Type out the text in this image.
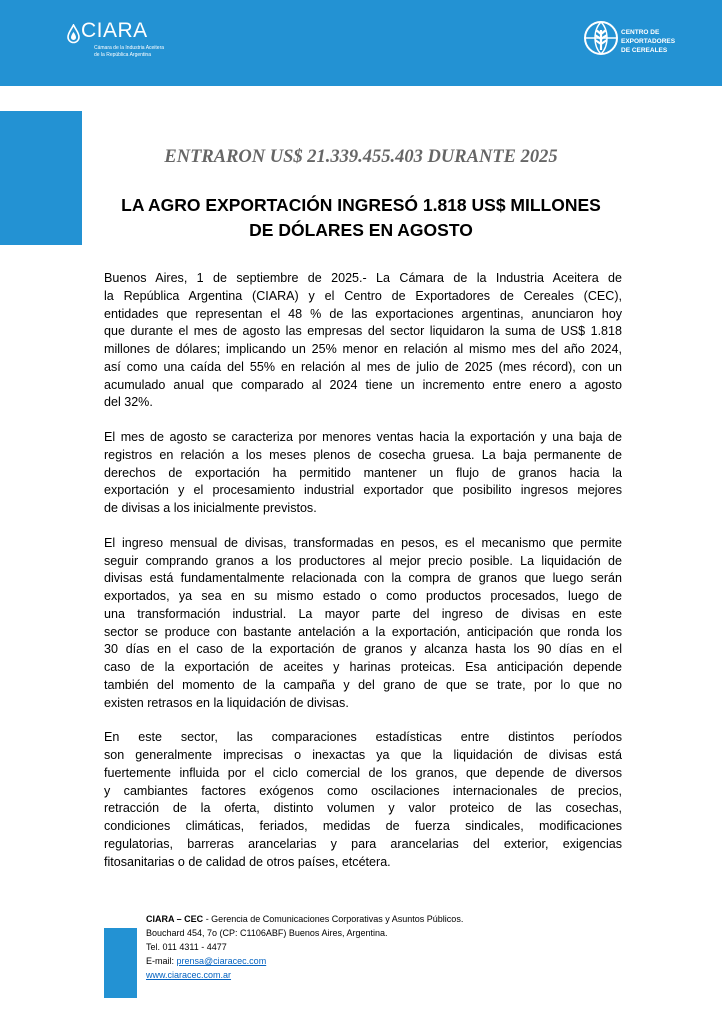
CIARA
Cámara de la Industria Aceitera
de la República Argentina
CENTRO DE
EXPORTADORES
DE CEREALES

ENTRARON US$ 21.339.455.403 DURANTE 2025

LA AGRO EXPORTACIÓN INGRESÓ 1.818 US$ MILLONES
DE DÓLARES EN AGOSTO

Buenos Aires, 1 de septiembre de 2025.- La Cámara de la Industria Aceitera de
la República Argentina (CIARA) y el Centro de Exportadores de Cereales (CEC),
entidades que representan el 48 % de las exportaciones argentinas, anunciaron hoy
que durante el mes de agosto las empresas del sector liquidaron la suma de US$ 1.818
millones de dólares; implicando un 25% menor en relación al mismo mes del año 2024,
así como una caída del 55% en relación al mes de julio de 2025 (mes récord), con un
acumulado anual que comparado al 2024 tiene un incremento entre enero a agosto
del 32%.

El mes de agosto se caracteriza por menores ventas hacia la exportación y una baja de
registros en relación a los meses plenos de cosecha gruesa. La baja permanente de
derechos de exportación ha permitido mantener un flujo de granos hacia la
exportación y el procesamiento industrial exportador que posibilito ingresos mejores
de divisas a los inicialmente previstos.

El ingreso mensual de divisas, transformadas en pesos, es el mecanismo que permite
seguir comprando granos a los productores al mejor precio posible. La liquidación de
divisas está fundamentalmente relacionada con la compra de granos que luego serán
exportados, ya sea en su mismo estado o como productos procesados, luego de
una transformación industrial. La mayor parte del ingreso de divisas en este
sector se produce con bastante antelación a la exportación, anticipación que ronda los
30 días en el caso de la exportación de granos y alcanza hasta los 90 días en el
caso de la exportación de aceites y harinas proteicas. Esa anticipación depende
también del momento de la campaña y del grano de que se trate, por lo que no
existen retrasos en la liquidación de divisas.

En este sector, las comparaciones estadísticas entre distintos períodos
son generalmente imprecisas o inexactas ya que la liquidación de divisas está
fuertemente influida por el ciclo comercial de los granos, que depende de diversos
y cambiantes factores exógenos como oscilaciones internacionales de precios,
retracción de la oferta, distinto volumen y valor proteico de las cosechas,
condiciones climáticas, feriados, medidas de fuerza sindicales, modificaciones
regulatorias, barreras arancelarias y para arancelarias del exterior, exigencias
fitosanitarias o de calidad de otros países, etcétera.

CIARA – CEC - Gerencia de Comunicaciones Corporativas y Asuntos Públicos.
Bouchard 454, 7o (CP: C1106ABF) Buenos Aires, Argentina.
Tel. 011 4311 - 4477
E-mail: prensa@ciaracec.com
www.ciaracec.com.ar
